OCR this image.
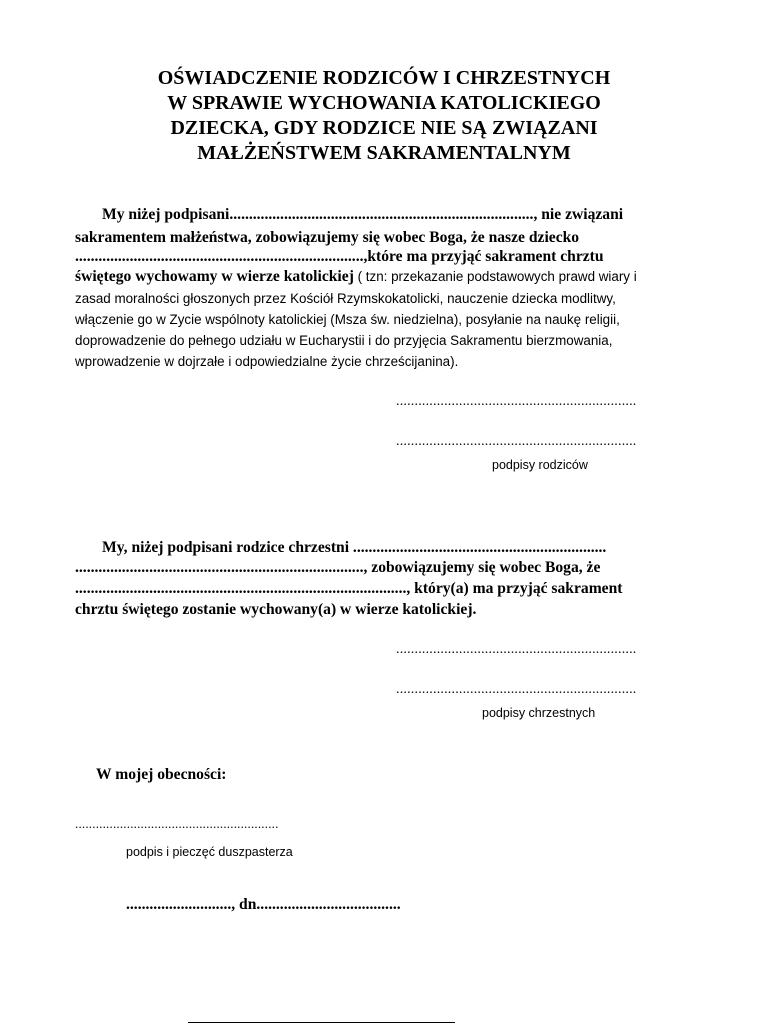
OŚWIADCZENIE RODZICÓW I CHRZESTNYCH
W SPRAWIE WYCHOWANIA KATOLICKIEGO
DZIECKA, GDY RODZICE NIE SĄ ZWIĄZANI
MAŁŻEŃSTWEM SAKRAMENTALNYM
My niżej podpisani.............................................................................., nie związani
sakramentem małżeństwa, zobowiązujemy się wobec Boga, że nasze dziecko
..........................................................................,które ma przyjąć sakrament chrztu
świętego wychowamy w wierze katolickiej ( tzn: przekazanie podstawowych prawd wiary i
zasad moralności głoszonych przez Kościół Rzymskokatolicki, nauczenie dziecka modlitwy,
włączenie go w Zycie wspólnoty katolickiej (Msza św. niedzielna), posyłanie na naukę religii,
doprowadzenie do pełnego udziału w Eucharystii i do przyjęcia Sakramentu bierzmowania,
wprowadzenie w dojrzałe i odpowiedzialne życie chrześcijanina).
.................................................................
.................................................................
podpisy rodziców
My, niżej podpisani rodzice chrzestni .................................................................
.........................................................................., zobowiązujemy się wobec Boga, że
....................................................................................., który(a) ma przyjąć sakrament
chrztu świętego zostanie wychowany(a) w wierze katolickiej.
.................................................................
.................................................................
podpisy chrzestnych
W mojej obecności:
...........................................................
podpis i pieczęć duszpasterza
..........................., dn.....................................
